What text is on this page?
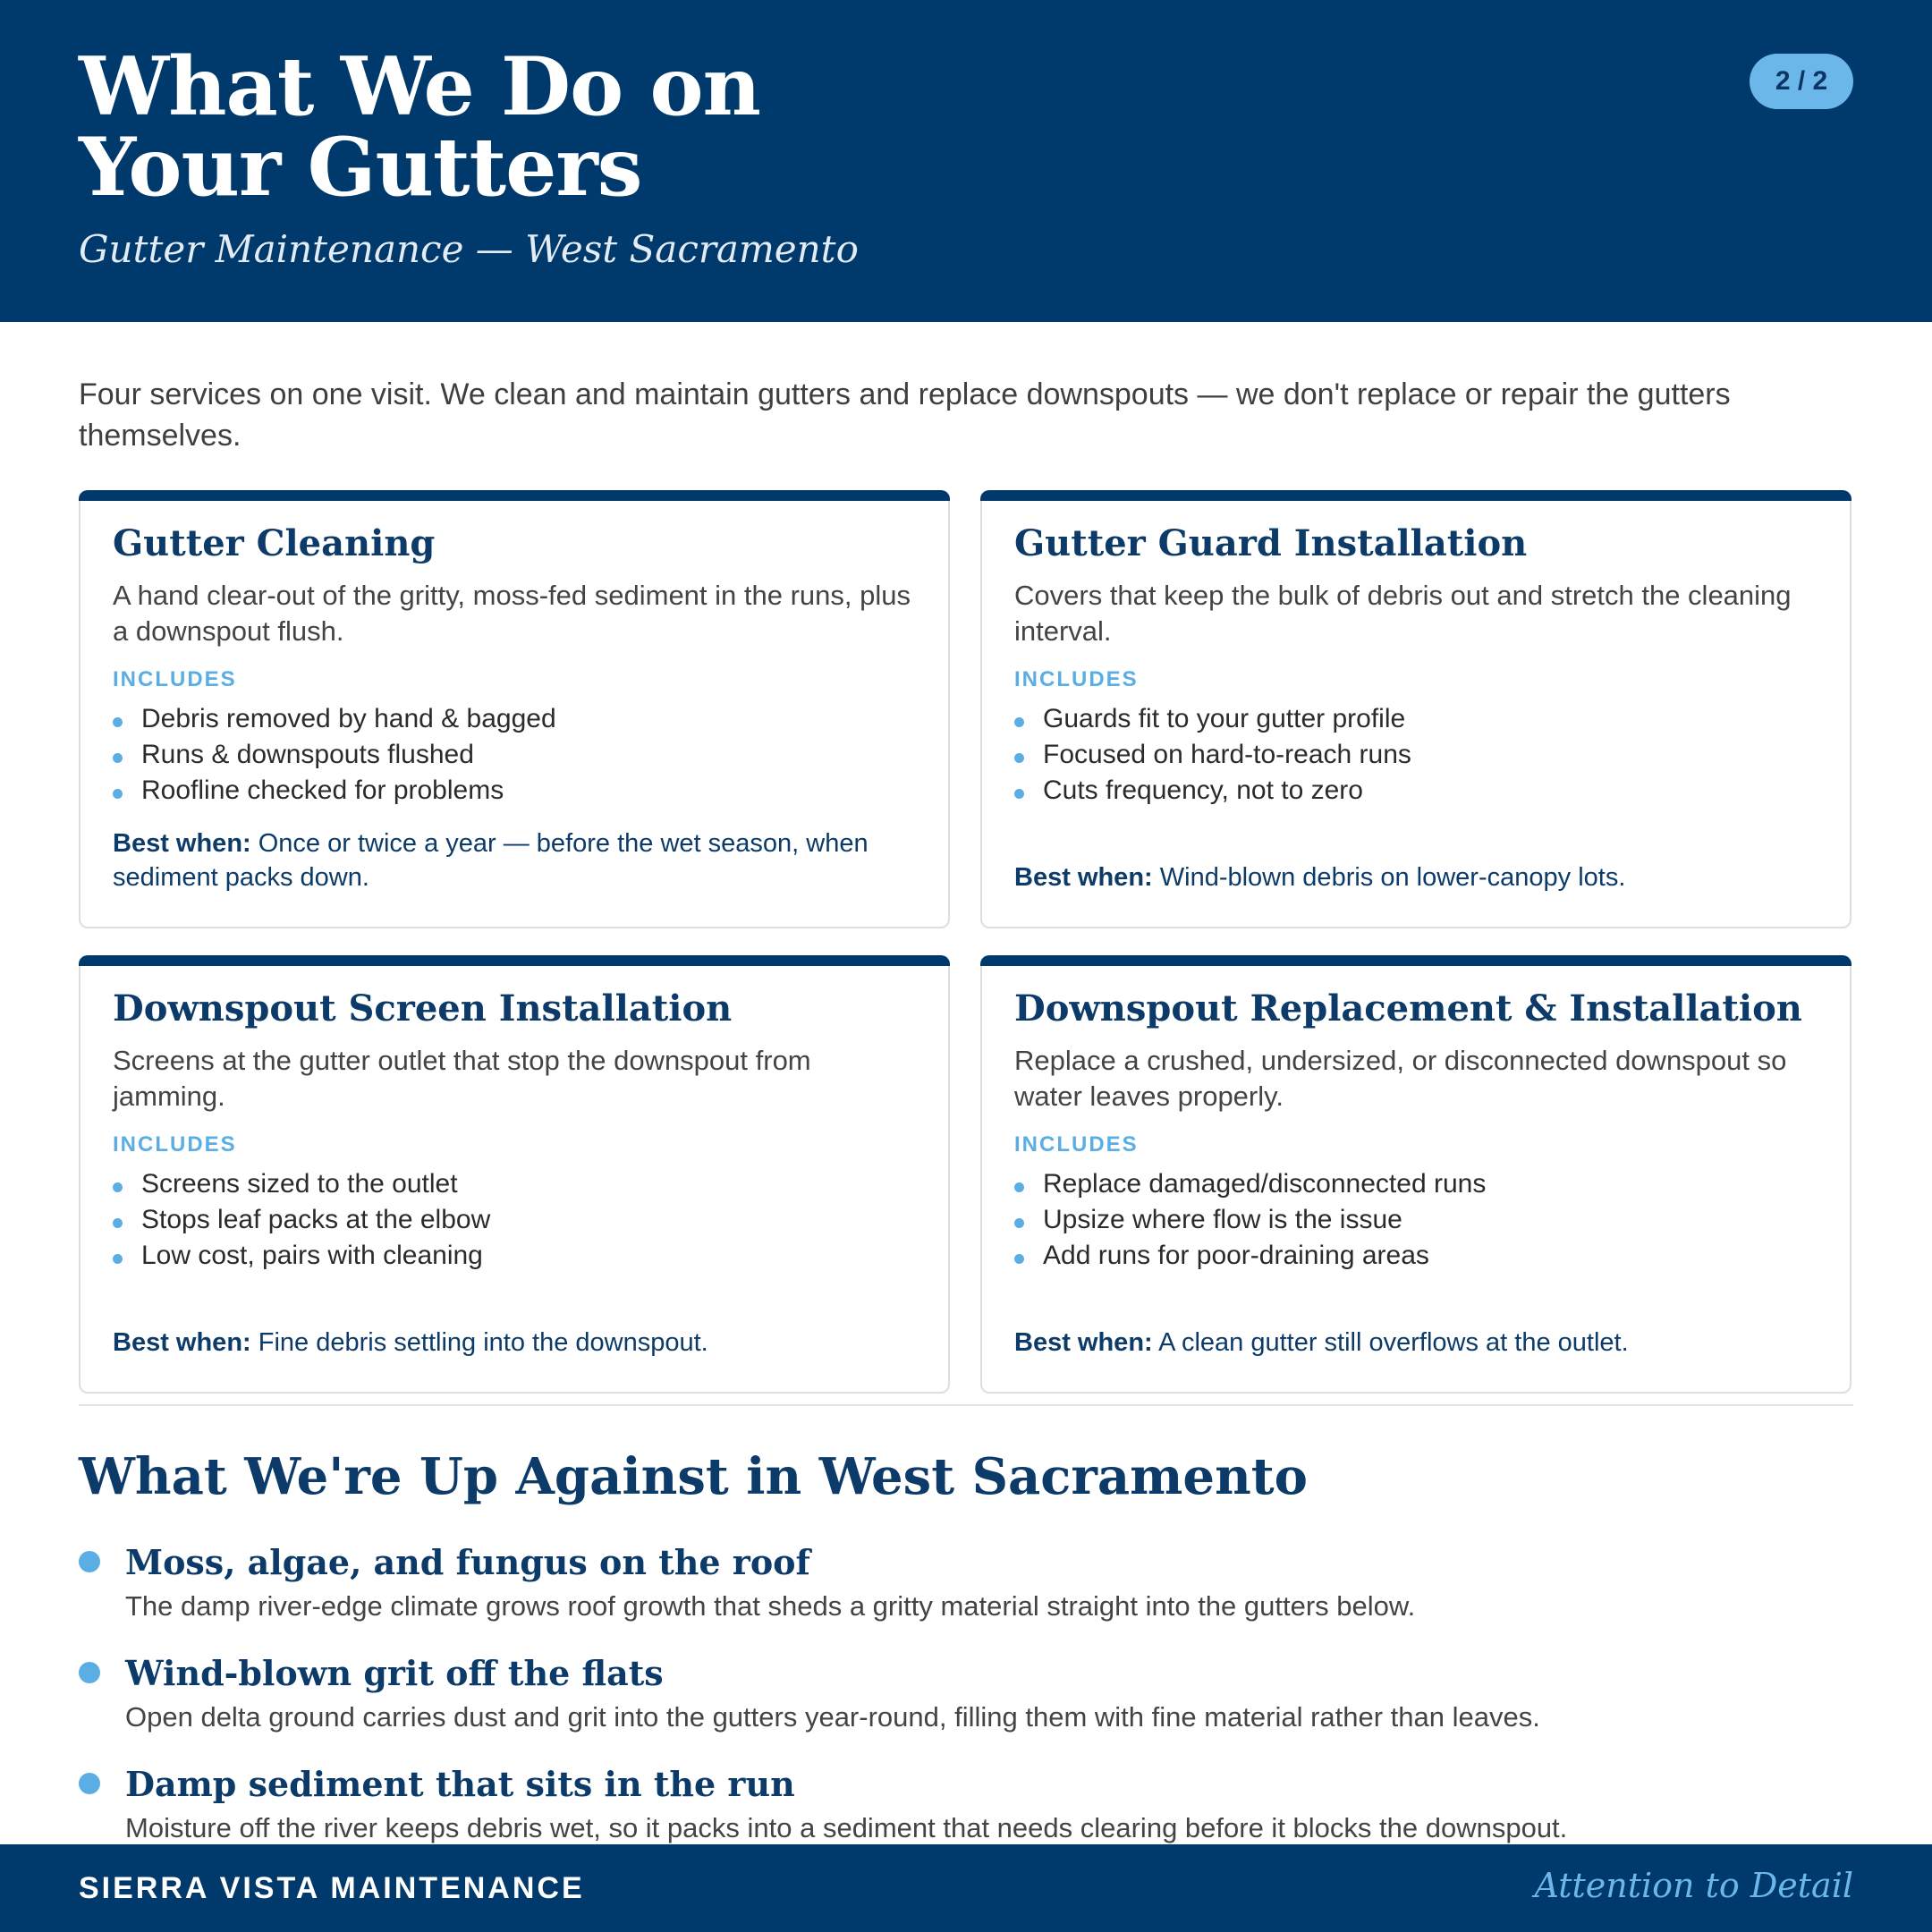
What We Do on
Your Gutters
Gutter Maintenance — West Sacramento
2 / 2

Four services on one visit. We clean and maintain gutters and replace downspouts — we don't replace or repair the gutters themselves.

Gutter Cleaning
A hand clear-out of the gritty, moss-fed sediment in the runs, plus a downspout flush.
INCLUDES
Debris removed by hand & bagged
Runs & downspouts flushed
Roofline checked for problems
Best when: Once or twice a year — before the wet season, when sediment packs down.
Gutter Guard Installation
Covers that keep the bulk of debris out and stretch the cleaning interval.
INCLUDES
Guards fit to your gutter profile
Focused on hard-to-reach runs
Cuts frequency, not to zero
Best when: Wind-blown debris on lower-canopy lots.
Downspout Screen Installation
Screens at the gutter outlet that stop the downspout from jamming.
INCLUDES
Screens sized to the outlet
Stops leaf packs at the elbow
Low cost, pairs with cleaning
Best when: Fine debris settling into the downspout.
Downspout Replacement & Installation
Replace a crushed, undersized, or disconnected downspout so water leaves properly.
INCLUDES
Replace damaged/disconnected runs
Upsize where flow is the issue
Add runs for poor-draining areas
Best when: A clean gutter still overflows at the outlet.
What We're Up Against in West Sacramento
Moss, algae, and fungus on the roof
The damp river-edge climate grows roof growth that sheds a gritty material straight into the gutters below.
Wind-blown grit off the flats
Open delta ground carries dust and grit into the gutters year-round, filling them with fine material rather than leaves.
Damp sediment that sits in the run
Moisture off the river keeps debris wet, so it packs into a sediment that needs clearing before it blocks the downspout.
SIERRA VISTA MAINTENANCE	Attention to Detail
